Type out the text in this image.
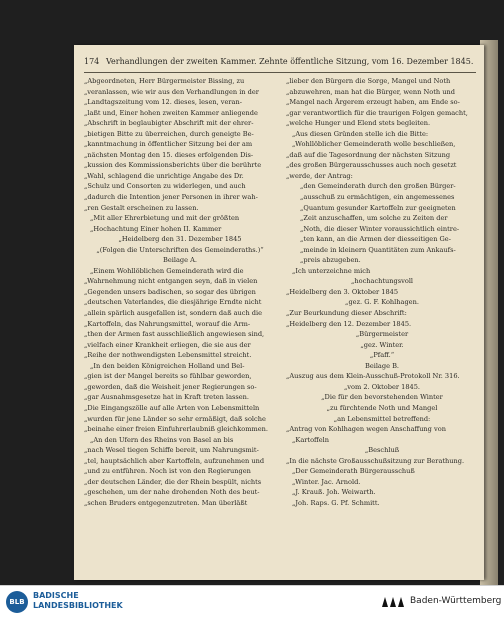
174 Verhandlungen der zweiten Kammer. Zehnte öffentliche Sitzung, vom 16. Dezember 1845.
„Abgeordneten, Herr Bürgermeister Bissing, zu
„veranlassen, wie wir aus den Verhandlungen in der
„Landtagszeitung vom 12. dieses, lesen, veran-
„laßt und, Einer hohen zweiten Kammer anliegende
„Abschrift in beglaubigter Abschrift mit der ehrer-
„bietigen Bitte zu überreichen, durch geneigte Be-
„kanntmachung in öffentlicher Sitzung bei der am
„nächsten Montag den 15. dieses erfolgenden Dis-
„kussion des Kommissionsberichts über die berührte
„Wahl, schlagend die unrichtige Angabe des Dr.
„Schulz und Consorten zu widerlegen, und auch
„dadurch die Intention jener Personen in ihrer wah-
„ren Gestalt erscheinen zu lassen.
„Mit aller Ehrerbietung und mit der größten
„Hochachtung Einer hohen II. Kammer
„Heidelberg den 31. Dezember 1845
„(Folgen die Unterschriften des Gemeinderaths.)“
Beilage A.
„Einem Wohllöblichen Gemeinderath wird die
„Wahrnehmung nicht entgangen seyn, daß in vielen
„Gegenden unsers badischen, so sogar des übrigen
„deutschen Vaterlandes, die diesjährige Erndte nicht
„allein spärlich ausgefallen ist, sondern daß auch die
„Kartoffeln, das Nahrungsmittel, worauf die Arm-
„then der Armen fast ausschließlich angewiesen sind,
„vielfach einer Krankheit erliegen, die sie aus der
„Reihe der nothwendigsten Lebensmittel streicht.
„In den beiden Königreichen Holland und Bel-
„gien ist der Mangel bereits so fühlbar geworden,
„geworden, daß die Weisheit jener Regierungen so-
„gar Ausnahmsgesetze hat in Kraft treten lassen.
„Die Eingangszölle auf alle Arten von Lebensmitteln
„wurden für jene Länder so sehr ermäßigt, daß solche
„beinahe einer freien Einfuhrerlaubniß gleichkommen.
„An den Ufern des Rheins von Basel an bis
„nach Wesel tiegen Schiffe bereit, um Nahrungsmit-
„tel, hauptsächlich aber Kartoffeln, aufzunehmen und
„und zu entführen. Noch ist von den Regierungen
„der deutschen Länder, die der Rhein bespült, nichts
„geschehen, um der nahe drohenden Noth des beut-
„schen Bruders entgegenzutreten. Man überläßt
„lieber den Bürgern die Sorge, Mangel und Noth
„abzuwehren, man hat die Bürger, wenn Noth und
„Mangel nach Ärgerem erzeugt haben, am Ende so-
„gar verantwortlich für die traurigen Folgen gemacht,
„welche Hunger und Elend stets begleiten.
„Aus diesen Gründen stelle ich die Bitte:
„Wohllöblicher Gemeinderath wolle beschließen,
„daß auf die Tagesordnung der nächsten Sitzung
„des großen Bürgerausschusses auch noch gesetzt
„werde, der Antrag:
„den Gemeinderath durch den großen Bürger-
„ausschuß zu ermächtigen, ein angemessenes
„Quantum gesunder Kartoffeln zur geeigneten
„Zeit anzuschaffen, um solche zu Zeiten der
„Noth, die dieser Winter voraussichtlich eintre-
„ten kann, an die Armen der diesseitigen Ge-
„meinde in kleinern Quantitäten zum Ankaufs-
„preis abzugeben.
„Ich unterzeichne mich
„hochachtungsvoll
„Heidelberg den 3. Oktober 1845
„gez. G. F. Kohlhagen.
„Zur Beurkundung dieser Abschrift:
„Heidelberg den 12. Dezember 1845.
„Bürgermeister
„gez. Winter.
„Pfaff.“
Beilage B.
„Auszug aus dem Klein-Ausschuß-Protokoll Nr. 316.
„vom 2. Oktober 1845.
„Die für den bevorstehenden Winter
„zu fürchtende Noth und Mangel
„an Lebensmittel betreffend:
„Antrag von Kohlhagen wegen Anschaffung von
„Kartoffeln
„Beschluß
„In die nächste Großausschußsitzung zur Berathung.
„Der Gemeinderath Bürgerausschuß
„Winter. Jac. Arnold.
„J. Krauß. Joh. Weiwarth.
„Joh. Raps. G. Pf. Schmitt.
BLB
BADISCHE
LANDESBIBLIOTHEK	Baden-Württemberg
